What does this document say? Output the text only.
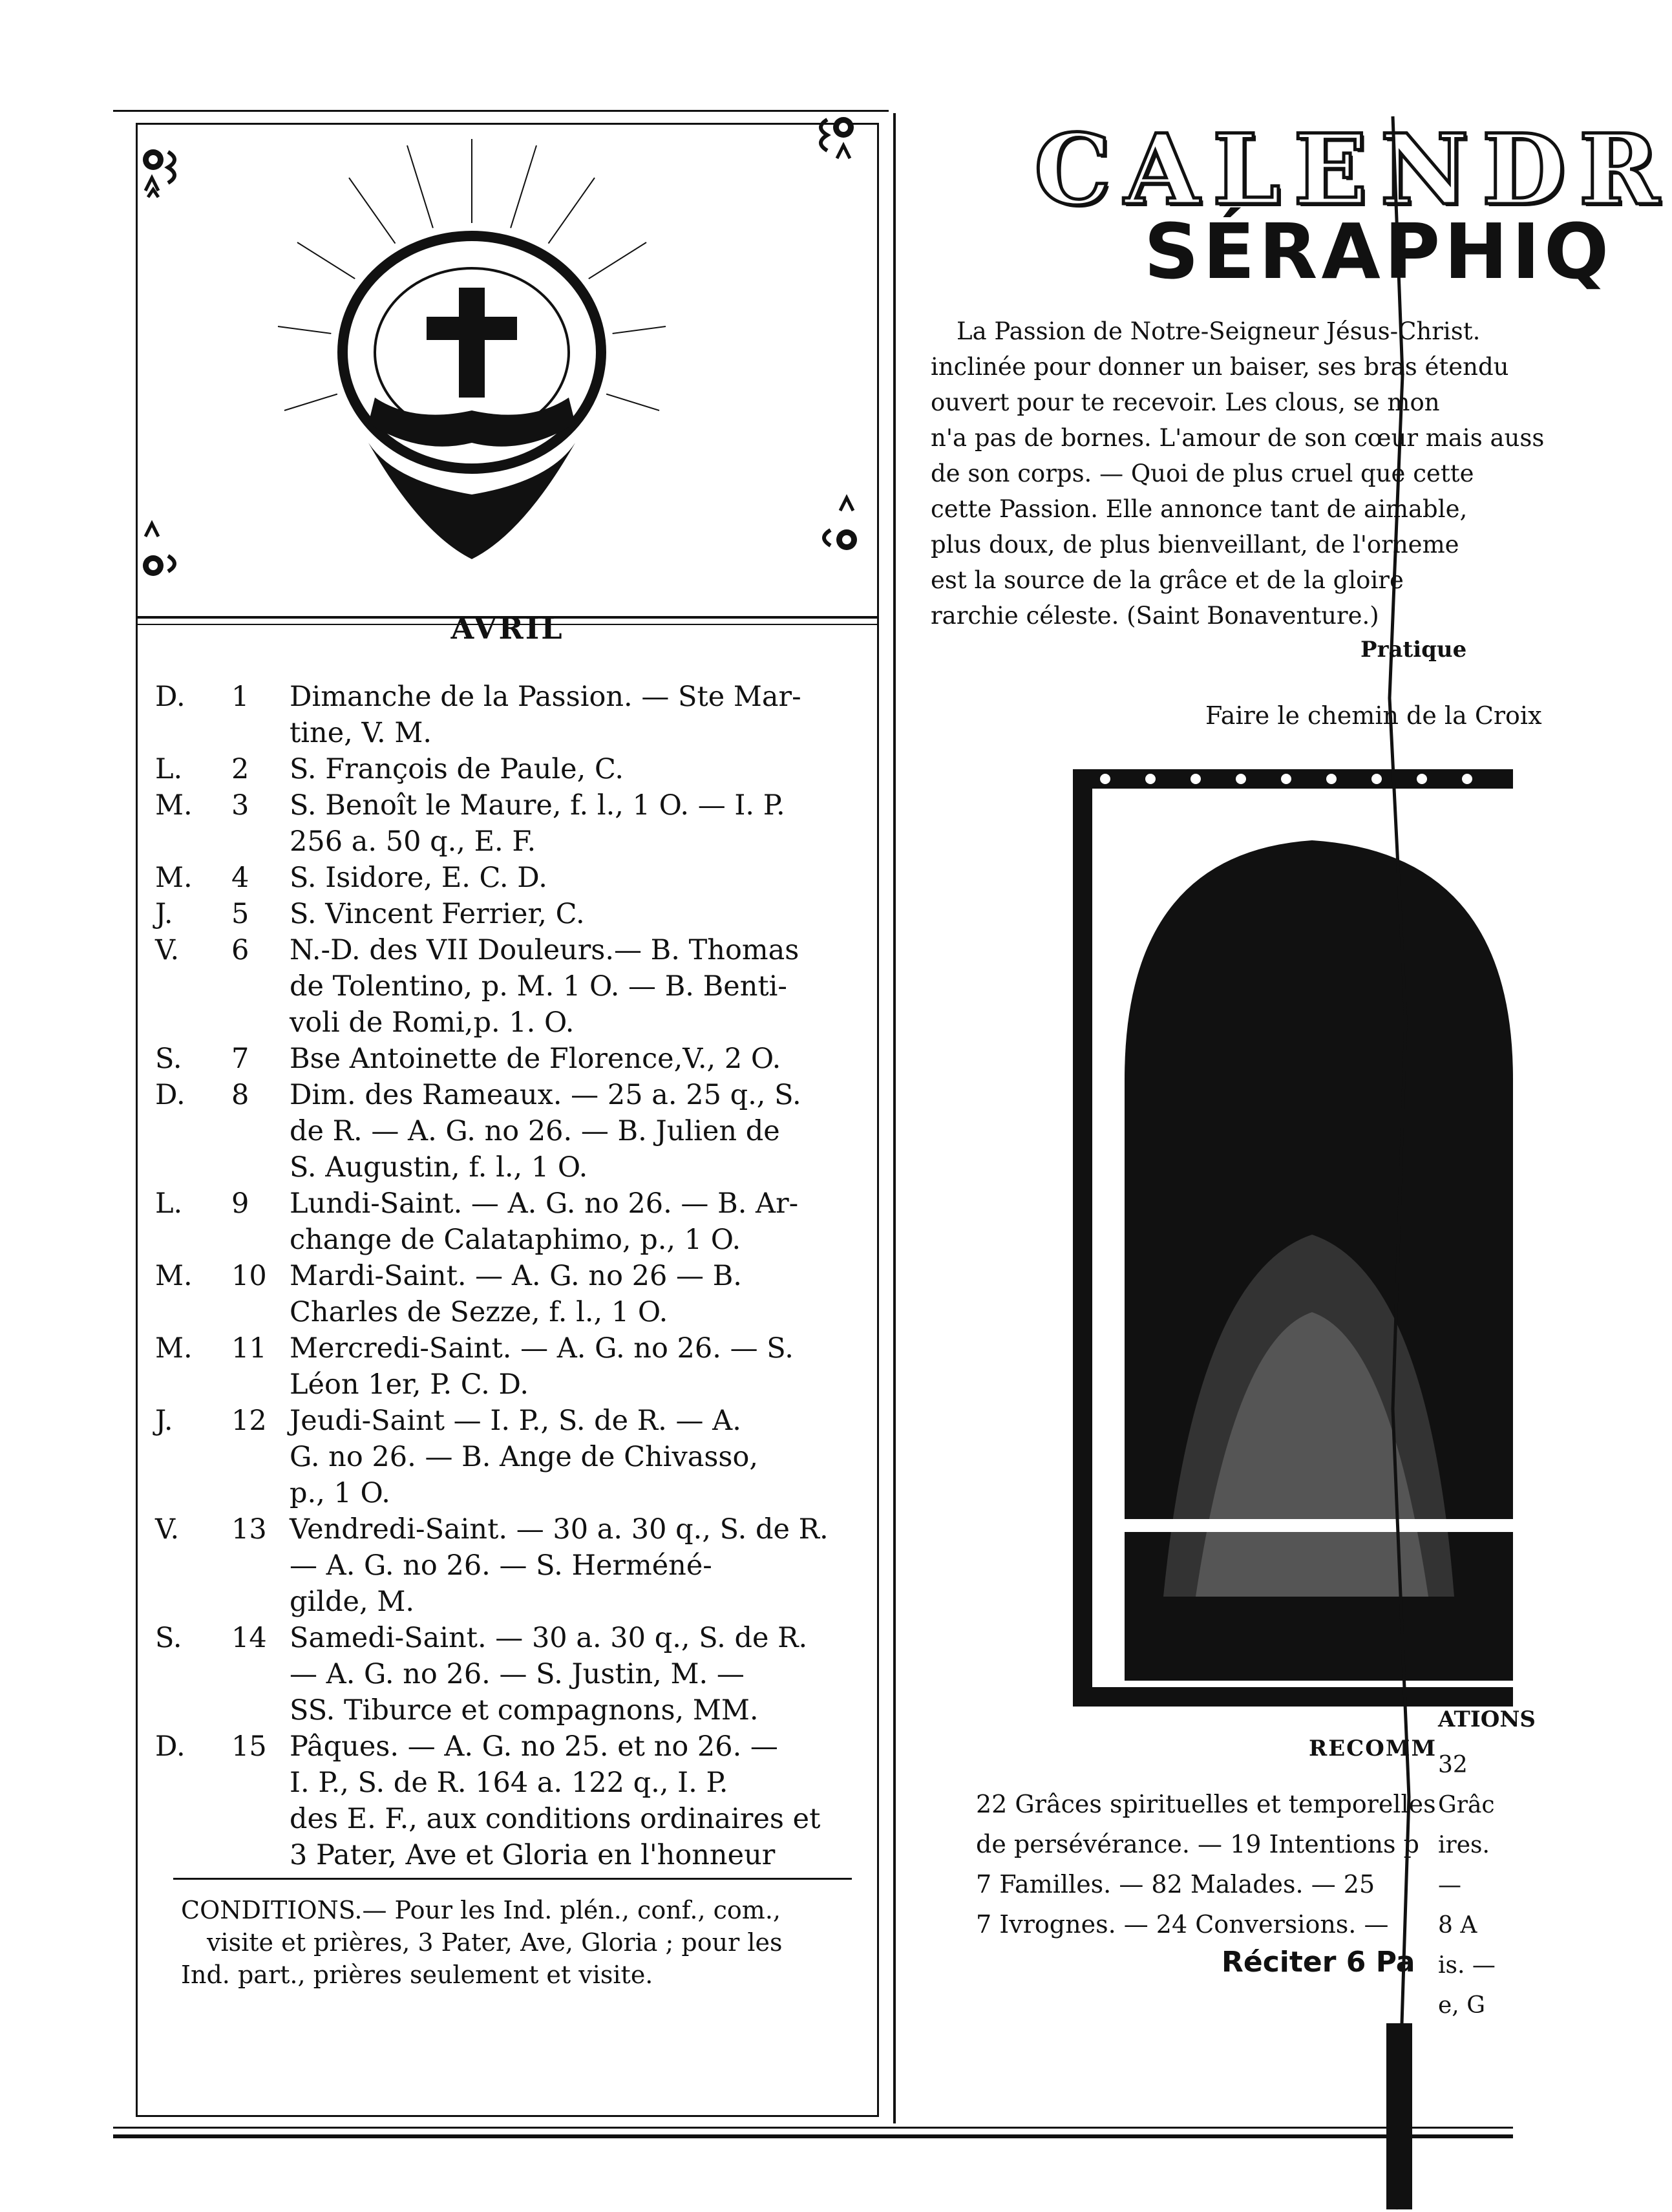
AVRIL
D.	1	Dimanche de la Passion. — Ste Mar-
tine, V. M.
L.	2	S. François de Paule, C.
M.	3	S. Benoît le Maure, f. l., 1 O. — I. P.
256 a. 50 q., E. F.
M.	4	S. Isidore, E. C. D.
J.	5	S. Vincent Ferrier, C.
V.	6	N.-D. des VII Douleurs.— B. Thomas
de Tolentino, p. M. 1 O. — B. Benti-
voli de Romi,p. 1. O.
S.	7	Bse Antoinette de Florence,V., 2 O.
D.	8	Dim. des Rameaux. — 25 a. 25 q., S.
de R. — A. G. no 26. — B. Julien de
S. Augustin, f. l., 1 O.
L.	9	Lundi-Saint. — A. G. no 26. — B. Ar-
change de Calataphimo, p., 1 O.
M.	10 Mardi-Saint. — A. G. no 26 — B.
Charles de Sezze, f. l., 1 O.
M.	11 Mercredi-Saint. — A. G. no 26. — S.
Léon 1er, P. C. D.
J.	12 Jeudi-Saint — I. P., S. de R. — A.
G. no 26. — B. Ange de Chivasso,
p., 1 O.
V.	13 Vendredi-Saint. — 30 a. 30 q., S. de R.
— A. G. no 26. — S. Herméné-
gilde, M.
S.	14 Samedi-Saint. — 30 a. 30 q., S. de R.
— A. G. no 26. — S. Justin, M. —
SS. Tiburce et compagnons, MM.
D.	15 Pâques. — A. G. no 25. et no 26. —
I. P., S. de R. 164 a. 122 q., I. P.
des E. F., aux conditions ordinaires et
3 Pater, Ave et Gloria en l'honneur
CONDITIONS.— Pour les Ind. plén., conf., com.,
visite et prières, 3 Pater, Ave, Gloria ; pour les
Ind. part., prières seulement et visite.
CALENDR
SÉRAPHIQ
La Passion de Notre-Seigneur Jésus-Christ.
inclinée pour donner un baiser, ses bras étendu
ouvert pour te recevoir. Les clous, se mon
n'a pas de bornes. L'amour de son cœur mais auss
de son corps. — Quoi de plus cruel que cette
cette Passion. Elle annonce tant de aimable,
plus doux, de plus bienveillant, de l'orneme
est la source de la grâce et de la gloire
rarchie céleste. (Saint Bonaventure.)
Pratique
Faire le chemin de la Croix
RECOMM
ATIONS
22 Grâces spirituelles et temporelles
de persévérance. — 19 Intentions p
7 Familles. — 82 Malades. — 25
7 Ivrognes. — 24 Conversions. —
Réciter 6 Pa
32 Grâc
ires. —
8 A
is. —
e, G
